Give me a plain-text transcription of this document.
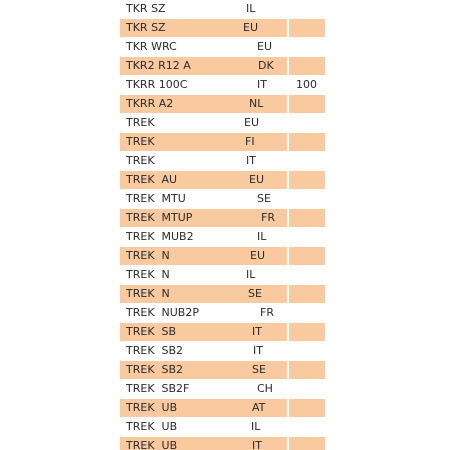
TKR SZ	IL
TKR SZ	EU
TKR WRC	EU
TKR2 R12 A	DK
TKRR 100C	IT	100
TKRR A2	NL
TREK	EU
TREK	FI
TREK	IT
TREK  AU	EU
TREK  MTU	SE
TREK  MTUP	FR
TREK  MUB2	IL
TREK  N	EU
TREK  N	IL
TREK  N	SE
TREK  NUB2P	FR
TREK  SB	IT
TREK  SB2	IT
TREK  SB2	SE
TREK  SB2F	CH
TREK  UB	AT
TREK  UB	IL
TREK  UB	IT
